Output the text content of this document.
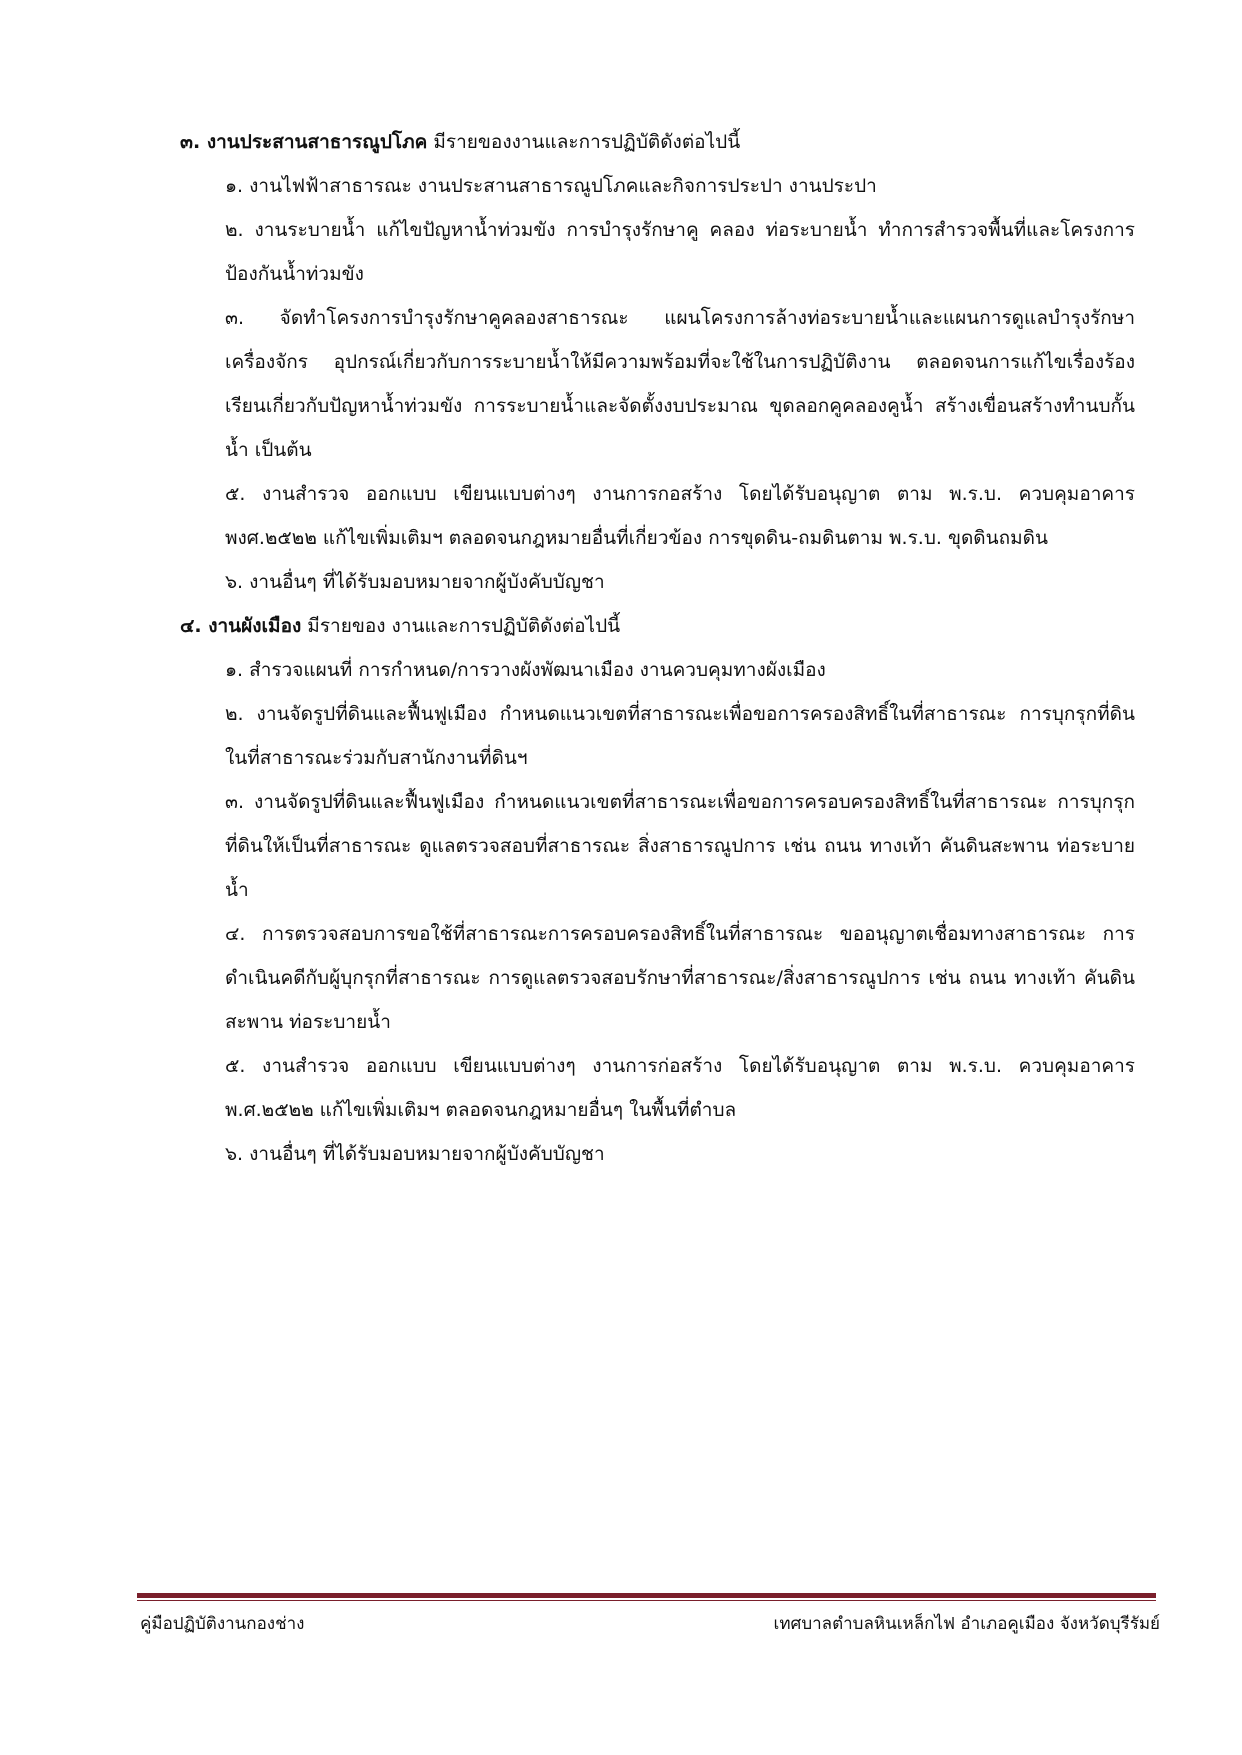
๓. งานประสานสาธารณูปโภค มีรายของงานและการปฏิบัติดังต่อไปนี้

๑. งานไฟฟ้าสาธารณะ งานประสานสาธารณูปโภคและกิจการประปา งานประปา

๒. งานระบายน้ำ แก้ไขปัญหาน้ำท่วมขัง การบำรุงรักษาคู คลอง ท่อระบายน้ำ ทำการสำรวจพื้นที่และโครงการป้องกันน้ำท่วมขัง

๓. จัดทำโครงการบำรุงรักษาคูคลองสาธารณะ แผนโครงการล้างท่อระบายน้ำและแผนการดูแลบำรุงรักษา เครื่องจักร อุปกรณ์เกี่ยวกับการระบายน้ำให้มีความพร้อมที่จะใช้ในการปฏิบัติงาน ตลอดจนการแก้ไขเรื่องร้องเรียนเกี่ยวกับปัญหาน้ำท่วมขัง การระบายน้ำและจัดตั้งงบประมาณ ขุดลอกคูคลองคูน้ำ สร้างเขื่อนสร้างทำนบกั้นน้ำ เป็นต้น

๕. งานสำรวจ ออกแบบ เขียนแบบต่างๆ งานการกอสร้าง โดยได้รับอนุญาต ตาม พ.ร.บ. ควบคุมอาคาร พงศ.๒๕๒๒ แก้ไขเพิ่มเติมฯ ตลอดจนกฎหมายอื่นที่เกี่ยวข้อง การขุดดิน-ถมดินตาม พ.ร.บ. ขุดดินถมดิน

๖. งานอื่นๆ ที่ได้รับมอบหมายจากผู้บังคับบัญชา

๔. งานผังเมือง มีรายของ งานและการปฏิบัติดังต่อไปนี้

๑. สำรวจแผนที่ การกำหนด/การวางผังพัฒนาเมือง งานควบคุมทางผังเมือง

๒. งานจัดรูปที่ดินและฟื้นฟูเมือง กำหนดแนวเขตที่สาธารณะเพื่อขอการครองสิทธิ์ในที่สาธารณะ การบุกรุกที่ดินในที่สาธารณะร่วมกับสานักงานที่ดินฯ

๓. งานจัดรูปที่ดินและฟื้นฟูเมือง กำหนดแนวเขตที่สาธารณะเพื่อขอการครอบครองสิทธิ์ในที่สาธารณะ การบุกรุกที่ดินให้เป็นที่สาธารณะ ดูแลตรวจสอบที่สาธารณะ สิ่งสาธารณูปการ เช่น ถนน ทางเท้า คันดินสะพาน ท่อระบายน้ำ

๔. การตรวจสอบการขอใช้ที่สาธารณะการครอบครองสิทธิ์ในที่สาธารณะ ขออนุญาตเชื่อมทางสาธารณะ การดำเนินคดีกับผู้บุกรุกที่สาธารณะ การดูแลตรวจสอบรักษาที่สาธารณะ/สิ่งสาธารณูปการ เช่น ถนน ทางเท้า คันดินสะพาน ท่อระบายน้ำ

๕. งานสำรวจ ออกแบบ เขียนแบบต่างๆ งานการก่อสร้าง โดยได้รับอนุญาต ตาม พ.ร.บ. ควบคุมอาคาร พ.ศ.๒๕๒๒ แก้ไขเพิ่มเติมฯ ตลอดจนกฎหมายอื่นๆ ในพื้นที่ตำบล

๖. งานอื่นๆ ที่ได้รับมอบหมายจากผู้บังคับบัญชา

คู่มือปฏิบัติงานกองช่าง	เทศบาลตำบลหินเหล็กไฟ อำเภอคูเมือง จังหวัดบุรีรัมย์
